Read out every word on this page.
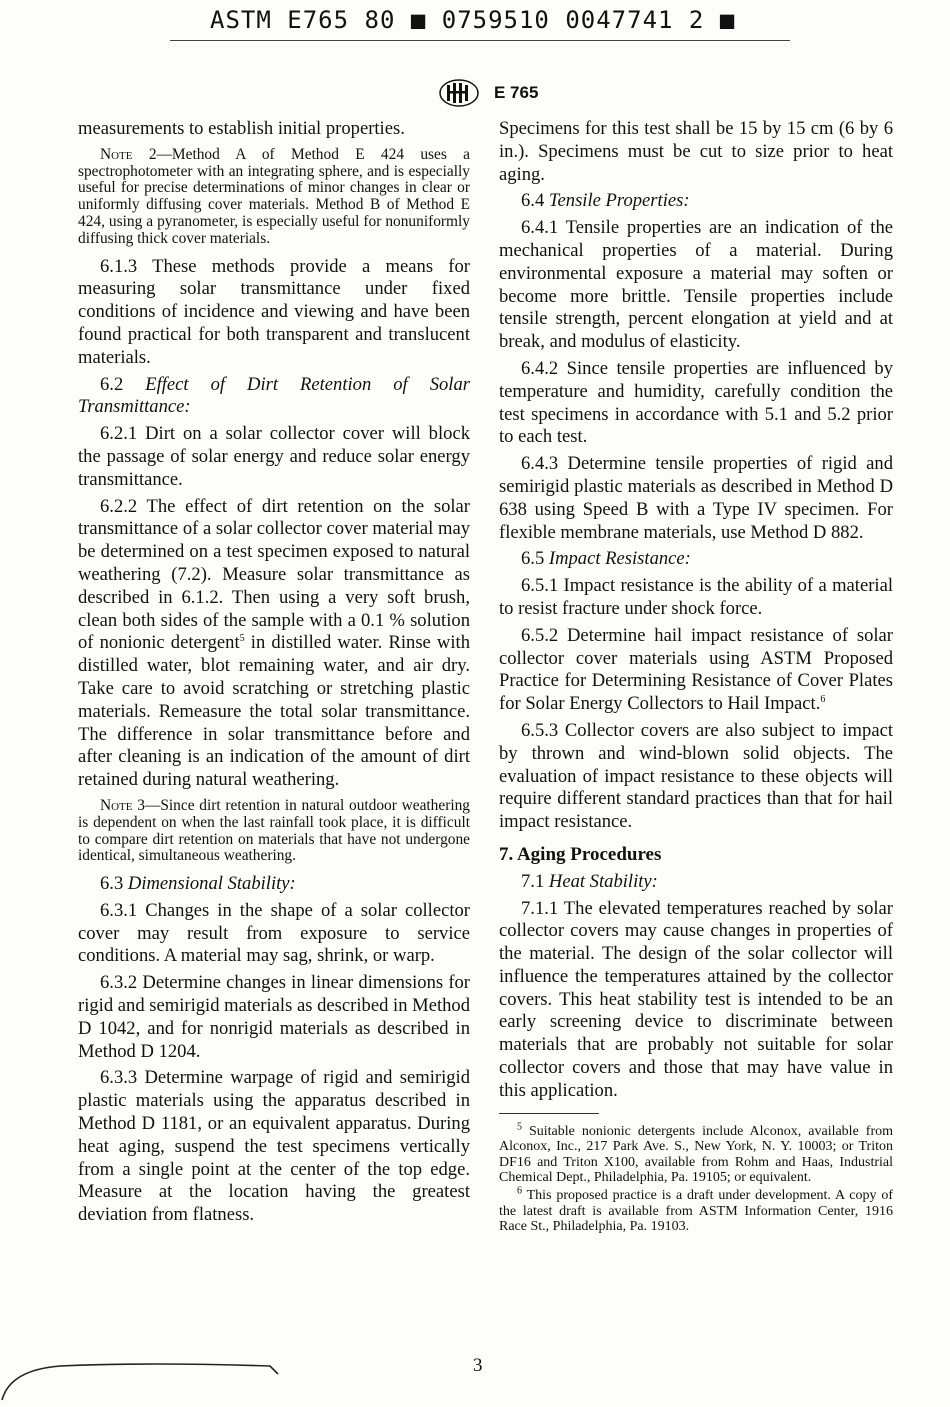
ASTM E765 80 ■ 0759510 0047741 2 ■
E 765

measurements to establish initial properties.

Note 2—Method A of Method E 424 uses a spectrophotometer with an integrating sphere, and is especially useful for precise determinations of minor changes in clear or uniformly diffusing cover materials. Method B of Method E 424, using a pyranometer, is especially useful for nonuniformly diffusing thick cover materials.

6.1.3 These methods provide a means for measuring solar transmittance under fixed conditions of incidence and viewing and have been found practical for both transparent and translucent materials.

6.2 Effect of Dirt Retention of Solar Transmittance:

6.2.1 Dirt on a solar collector cover will block the passage of solar energy and reduce solar energy transmittance.

6.2.2 The effect of dirt retention on the solar transmittance of a solar collector cover material may be determined on a test specimen exposed to natural weathering (7.2). Measure solar transmittance as described in 6.1.2. Then using a very soft brush, clean both sides of the sample with a 0.1 % solution of nonionic detergent$^5$ in distilled water. Rinse with distilled water, blot remaining water, and air dry. Take care to avoid scratching or stretching plastic materials. Remeasure the total solar transmittance. The difference in solar transmittance before and after cleaning is an indication of the amount of dirt retained during natural weathering.

Note 3—Since dirt retention in natural outdoor weathering is dependent on when the last rainfall took place, it is difficult to compare dirt retention on materials that have not undergone identical, simultaneous weathering.

6.3 Dimensional Stability:

6.3.1 Changes in the shape of a solar collector cover may result from exposure to service conditions. A material may sag, shrink, or warp.

6.3.2 Determine changes in linear dimensions for rigid and semirigid materials as described in Method D 1042, and for nonrigid materials as described in Method D 1204.

6.3.3 Determine warpage of rigid and semirigid plastic materials using the apparatus described in Method D 1181, or an equivalent apparatus. During heat aging, suspend the test specimens vertically from a single point at the center of the top edge. Measure at the location having the greatest deviation from flatness.

Specimens for this test shall be 15 by 15 cm (6 by 6 in.). Specimens must be cut to size prior to heat aging.

6.4 Tensile Properties:

6.4.1 Tensile properties are an indication of the mechanical properties of a material. During environmental exposure a material may soften or become more brittle. Tensile properties include tensile strength, percent elongation at yield and at break, and modulus of elasticity.

6.4.2 Since tensile properties are influenced by temperature and humidity, carefully condition the test specimens in accordance with 5.1 and 5.2 prior to each test.

6.4.3 Determine tensile properties of rigid and semirigid plastic materials as described in Method D 638 using Speed B with a Type IV specimen. For flexible membrane materials, use Method D 882.

6.5 Impact Resistance:

6.5.1 Impact resistance is the ability of a material to resist fracture under shock force.

6.5.2 Determine hail impact resistance of solar collector cover materials using ASTM Proposed Practice for Determining Resistance of Cover Plates for Solar Energy Collectors to Hail Impact.$^6$

6.5.3 Collector covers are also subject to impact by thrown and wind-blown solid objects. The evaluation of impact resistance to these objects will require different standard practices than that for hail impact resistance.

7. Aging Procedures

7.1 Heat Stability:

7.1.1 The elevated temperatures reached by solar collector covers may cause changes in properties of the material. The design of the solar collector will influence the temperatures attained by the collector covers. This heat stability test is intended to be an early screening device to discriminate between materials that are probably not suitable for solar collector covers and those that may have value in this application.

$^5$ Suitable nonionic detergents include Alconox, available from Alconox, Inc., 217 Park Ave. S., New York, N. Y. 10003; or Triton DF16 and Triton X100, available from Rohm and Haas, Industrial Chemical Dept., Philadelphia, Pa. 19105; or equivalent.

$^6$ This proposed practice is a draft under development. A copy of the latest draft is available from ASTM Information Center, 1916 Race St., Philadelphia, Pa. 19103.

3
